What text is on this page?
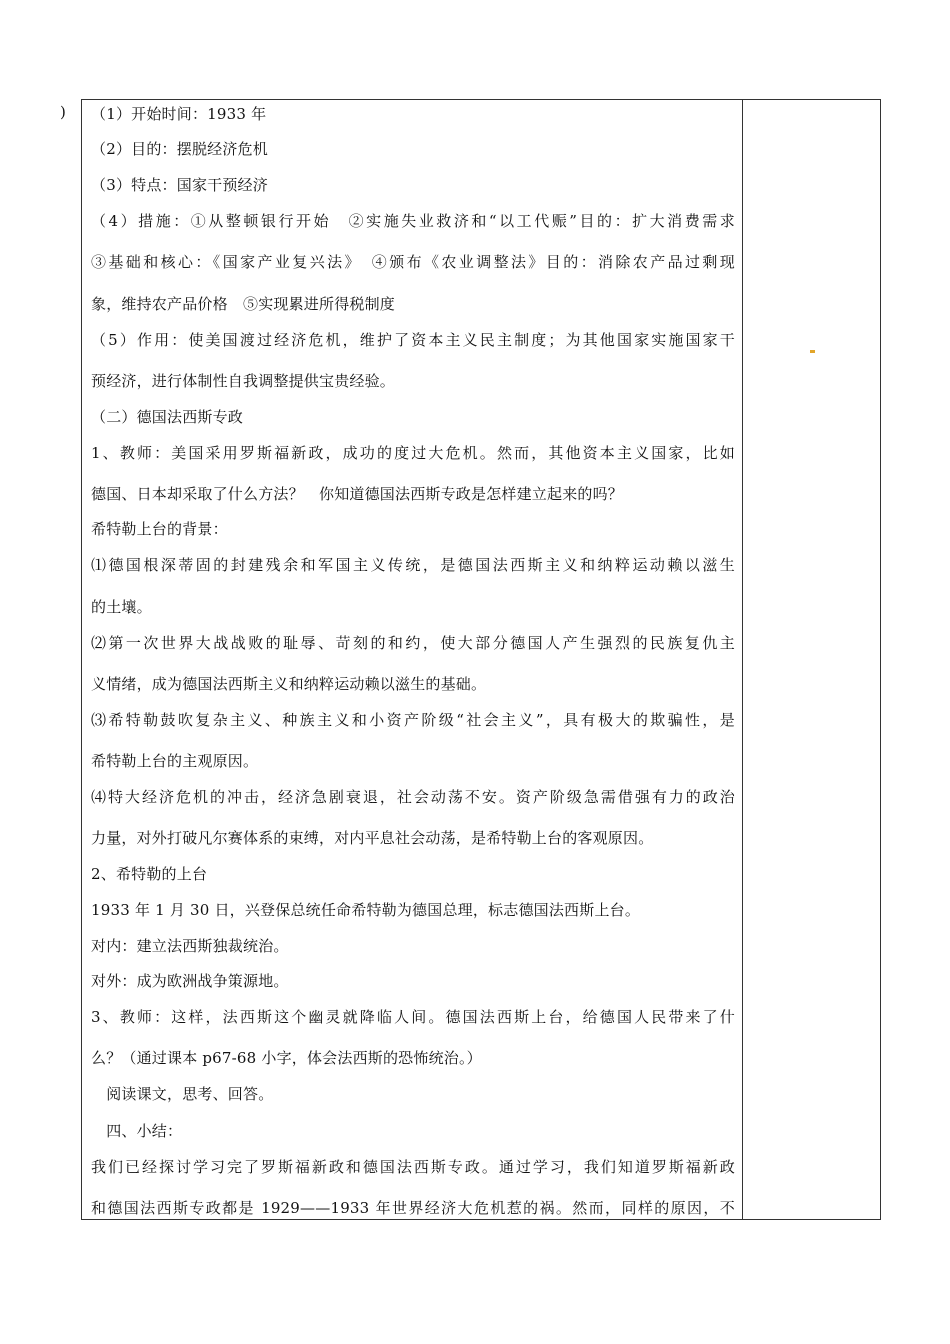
) （1）开始时间：1933 年
（2）目的：摆脱经济危机
（3）特点：国家干预经济
（4）措施：①从整顿银行开始　②实施失业救济和“以工代赈”目的：扩大消费需求
③基础和核心：《国家产业复兴法》　④颁布《农业调整法》目的：消除农产品过剩现
象，维持农产品价格　⑤实现累进所得税制度
（5）作用：使美国渡过经济危机，维护了资本主义民主制度；为其他国家实施国家干
预经济，进行体制性自我调整提供宝贵经验。
（二）德国法西斯专政
1、教师：美国采用罗斯福新政，成功的度过大危机。然而，其他资本主义国家，比如
德国、日本却采取了什么方法？　你知道德国法西斯专政是怎样建立起来的吗？
希特勒上台的背景：
⑴德国根深蒂固的封建残余和军国主义传统，是德国法西斯主义和纳粹运动赖以滋生
的土壤。
⑵第一次世界大战战败的耻辱、苛刻的和约，使大部分德国人产生强烈的民族复仇主
义情绪，成为德国法西斯主义和纳粹运动赖以滋生的基础。
⑶希特勒鼓吹复杂主义、种族主义和小资产阶级“社会主义”，具有极大的欺骗性，是
希特勒上台的主观原因。
⑷特大经济危机的冲击，经济急剧衰退，社会动荡不安。资产阶级急需借强有力的政治
力量，对外打破凡尔赛体系的束缚，对内平息社会动荡，是希特勒上台的客观原因。
2、希特勒的上台
1933 年 1 月 30 日，兴登保总统任命希特勒为德国总理，标志德国法西斯上台。
对内：建立法西斯独裁统治。
对外：成为欧洲战争策源地。
3、教师：这样，法西斯这个幽灵就降临人间。德国法西斯上台，给德国人民带来了什
么？（通过课本 p67-68 小字，体会法西斯的恐怖统治。）
　阅读课文，思考、回答。
　四、小结：
我们已经探讨学习完了罗斯福新政和德国法西斯专政。通过学习，我们知道罗斯福新政
和德国法西斯专政都是 1929——1933 年世界经济大危机惹的祸。然而，同样的原因，不
